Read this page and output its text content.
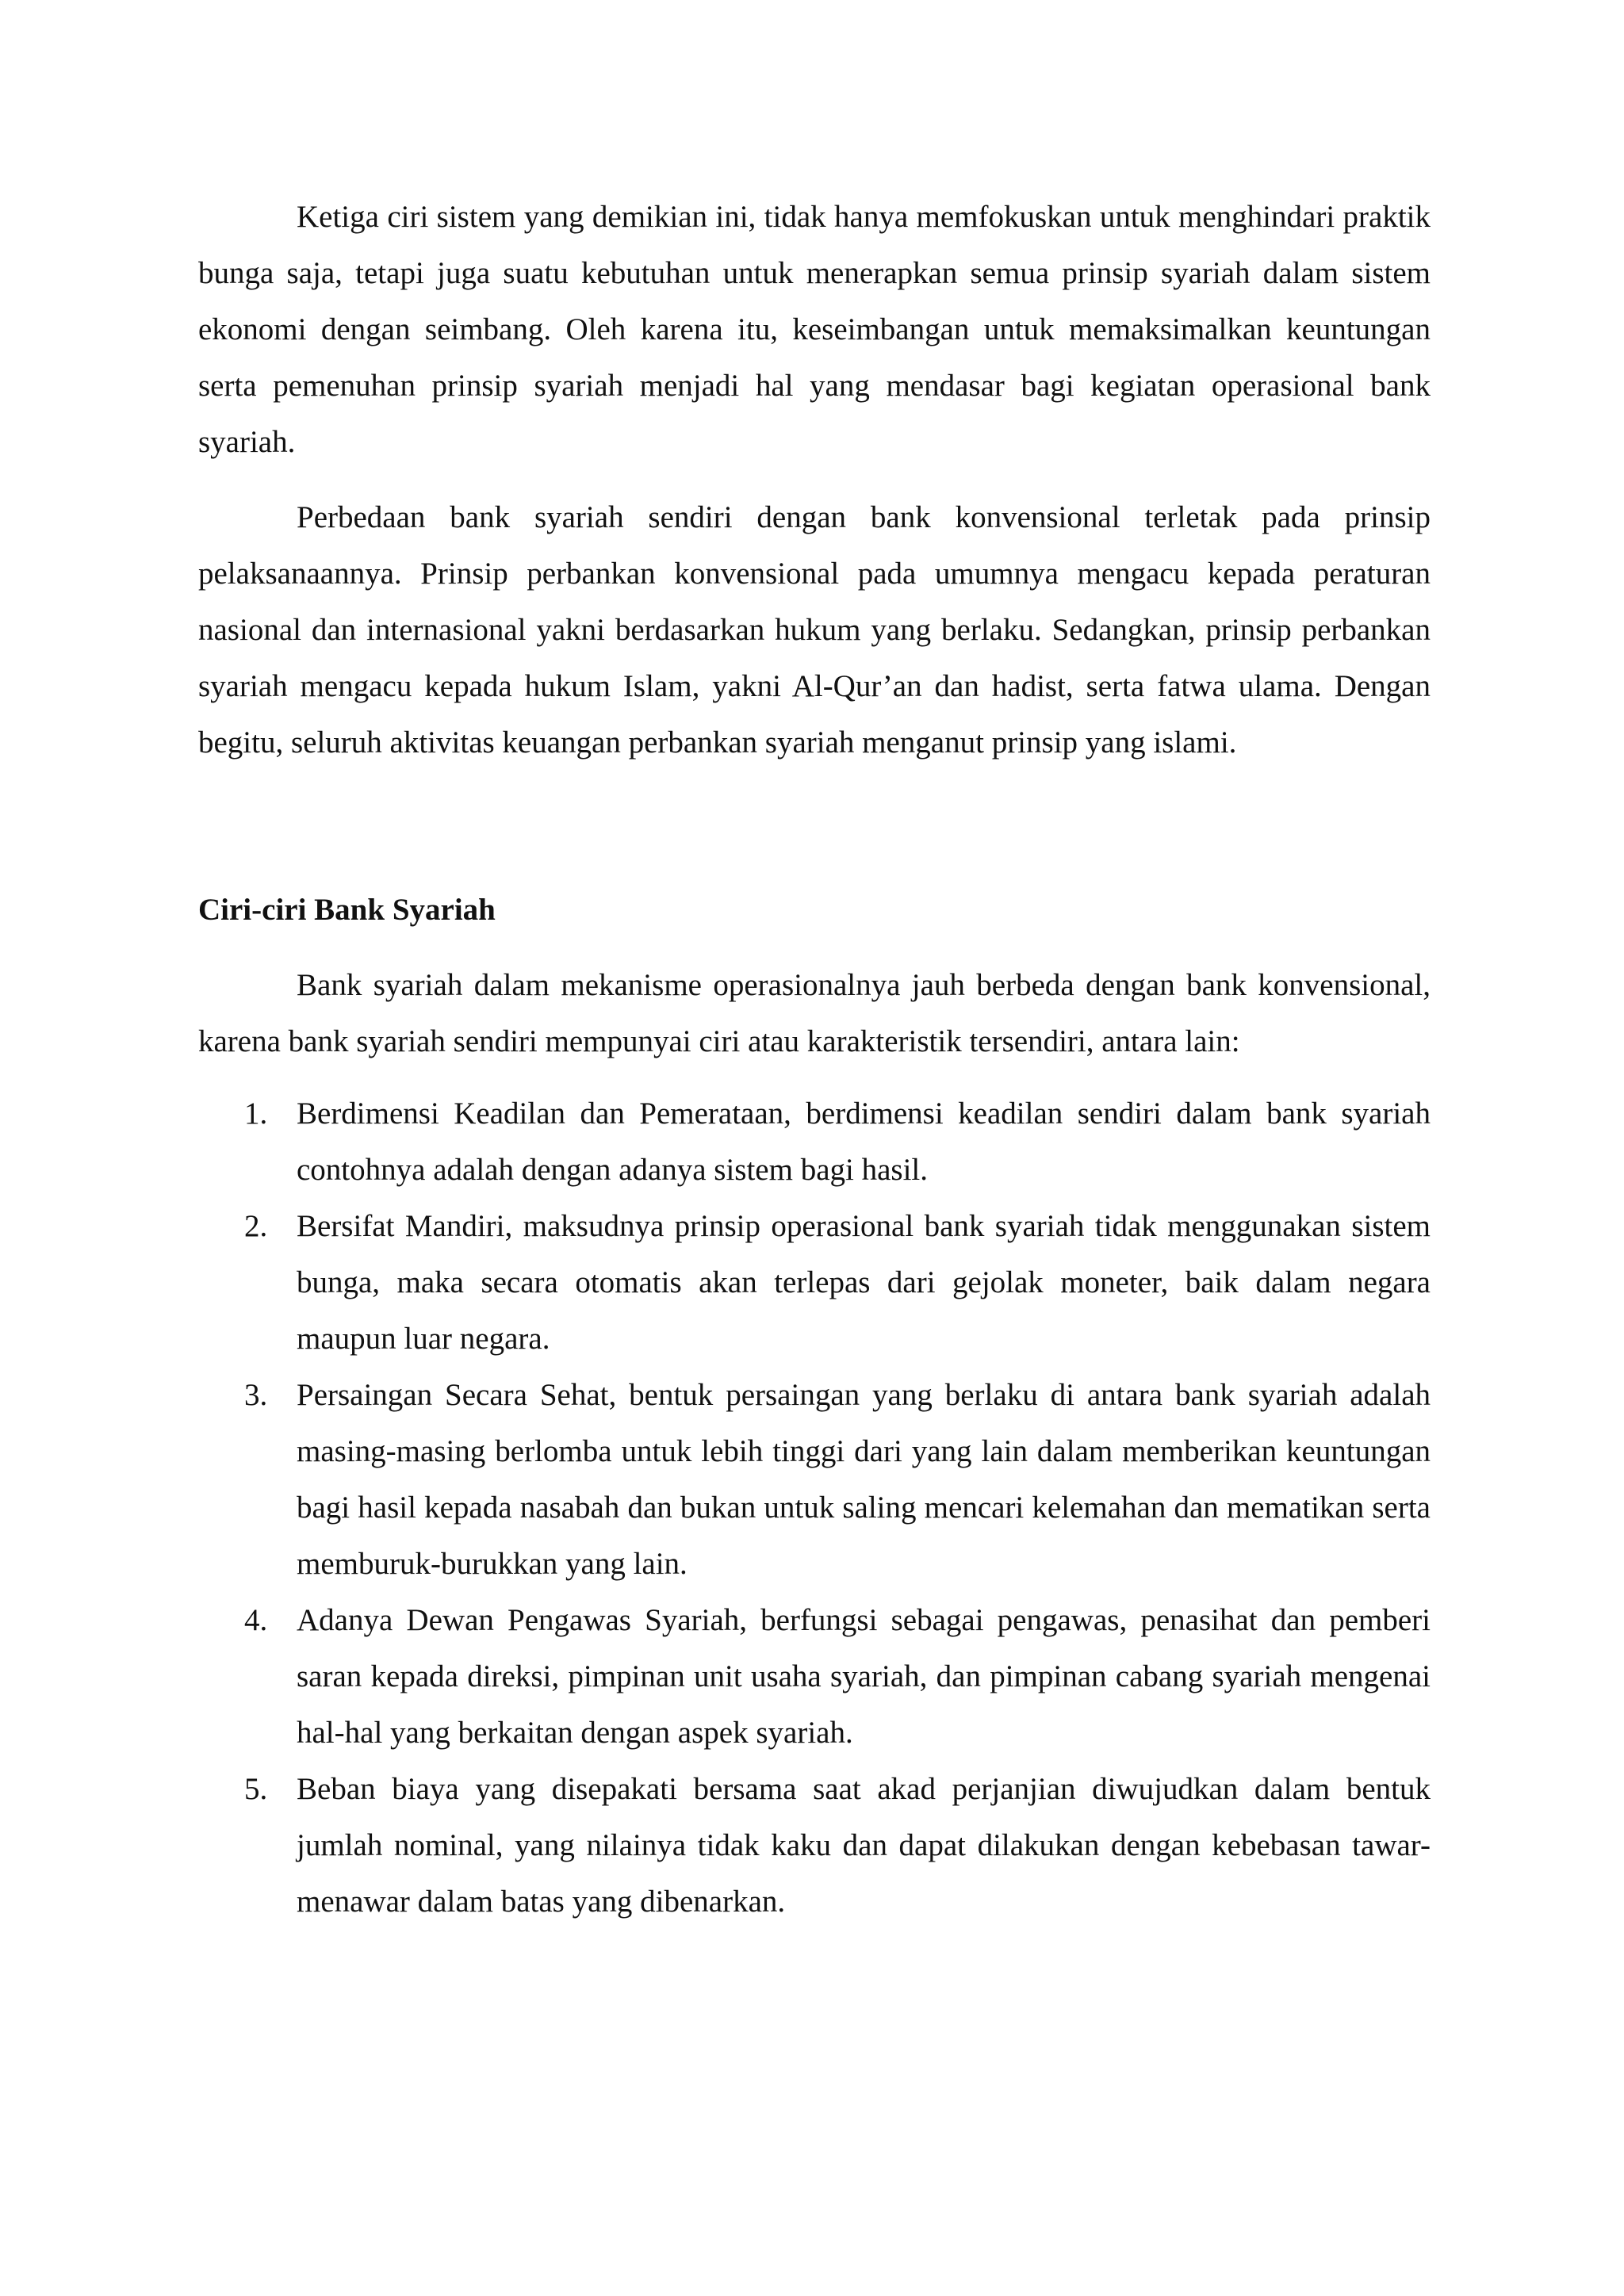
Ketiga ciri sistem yang demikian ini, tidak hanya memfokuskan untuk menghindari praktik bunga saja, tetapi juga suatu kebutuhan untuk menerapkan semua prinsip syariah dalam sistem ekonomi dengan seimbang. Oleh karena itu, keseimbangan untuk memaksimalkan keuntungan serta pemenuhan prinsip syariah menjadi hal yang mendasar bagi kegiatan operasional bank syariah.

Perbedaan bank syariah sendiri dengan bank konvensional terletak pada prinsip pelaksanaannya. Prinsip perbankan konvensional pada umumnya mengacu kepada peraturan nasional dan internasional yakni berdasarkan hukum yang berlaku. Sedangkan, prinsip perbankan syariah mengacu kepada hukum Islam, yakni Al-Qur’an dan hadist, serta fatwa ulama. Dengan begitu, seluruh aktivitas keuangan perbankan syariah menganut prinsip yang islami.

Ciri-ciri Bank Syariah

Bank syariah dalam mekanisme operasionalnya jauh berbeda dengan bank konvensional, karena bank syariah sendiri mempunyai ciri atau karakteristik tersendiri, antara lain:

1. Berdimensi Keadilan dan Pemerataan, berdimensi keadilan sendiri dalam bank syariah contohnya adalah dengan adanya sistem bagi hasil.
2. Bersifat Mandiri, maksudnya prinsip operasional bank syariah tidak menggunakan sistem bunga, maka secara otomatis akan terlepas dari gejolak moneter, baik dalam negara maupun luar negara.
3. Persaingan Secara Sehat, bentuk persaingan yang berlaku di antara bank syariah adalah masing-masing berlomba untuk lebih tinggi dari yang lain dalam memberikan keuntungan bagi hasil kepada nasabah dan bukan untuk saling mencari kelemahan dan mematikan serta memburuk-burukkan yang lain.
4. Adanya Dewan Pengawas Syariah, berfungsi sebagai pengawas, penasihat dan pemberi saran kepada direksi, pimpinan unit usaha syariah, dan pimpinan cabang syariah mengenai hal-hal yang berkaitan dengan aspek syariah.
5. Beban biaya yang disepakati bersama saat akad perjanjian diwujudkan dalam bentuk jumlah nominal, yang nilainya tidak kaku dan dapat dilakukan dengan kebebasan tawar-menawar dalam batas yang dibenarkan.
